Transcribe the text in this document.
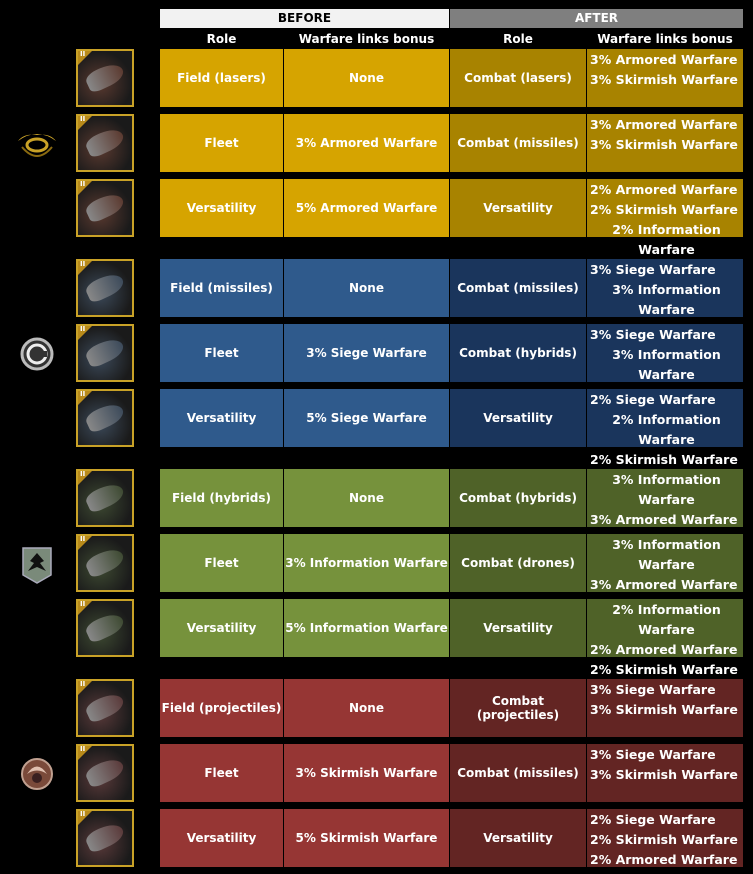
BEFORE	AFTER
Role	Warfare links bonus	Role	Warfare links bonus
II
Field (lasers)	None	Combat (lasers)
3% Armored Warfare
3% Skirmish Warfare
II
Fleet	3% Armored Warfare	Combat (missiles)
3% Armored Warfare
3% Skirmish Warfare
II
Versatility	5% Armored Warfare	Versatility
2% Armored Warfare
2% Skirmish Warfare
2% Information Warfare
II
Field (missiles)	None	Combat (missiles)
3% Siege Warfare
3% Information Warfare
II
Fleet	3% Siege Warfare	Combat (hybrids)
3% Siege Warfare
3% Information Warfare
II
Versatility	5% Siege Warfare	Versatility
2% Siege Warfare
2% Information Warfare
2% Skirmish Warfare
II
Field (hybrids)	None	Combat (hybrids)
3% Information Warfare
3% Armored Warfare
II
Fleet	3% Information Warfare	Combat (drones)
3% Information Warfare
3% Armored Warfare
II
Versatility	5% Information Warfare	Versatility
2% Information Warfare
2% Armored Warfare
2% Skirmish Warfare
II
Field (projectiles)	None	Combat (projectiles)
3% Siege Warfare
3% Skirmish Warfare
II
Fleet	3% Skirmish Warfare	Combat (missiles)
3% Siege Warfare
3% Skirmish Warfare
II
Versatility	5% Skirmish Warfare	Versatility
2% Siege Warfare
2% Skirmish Warfare
2% Armored Warfare
